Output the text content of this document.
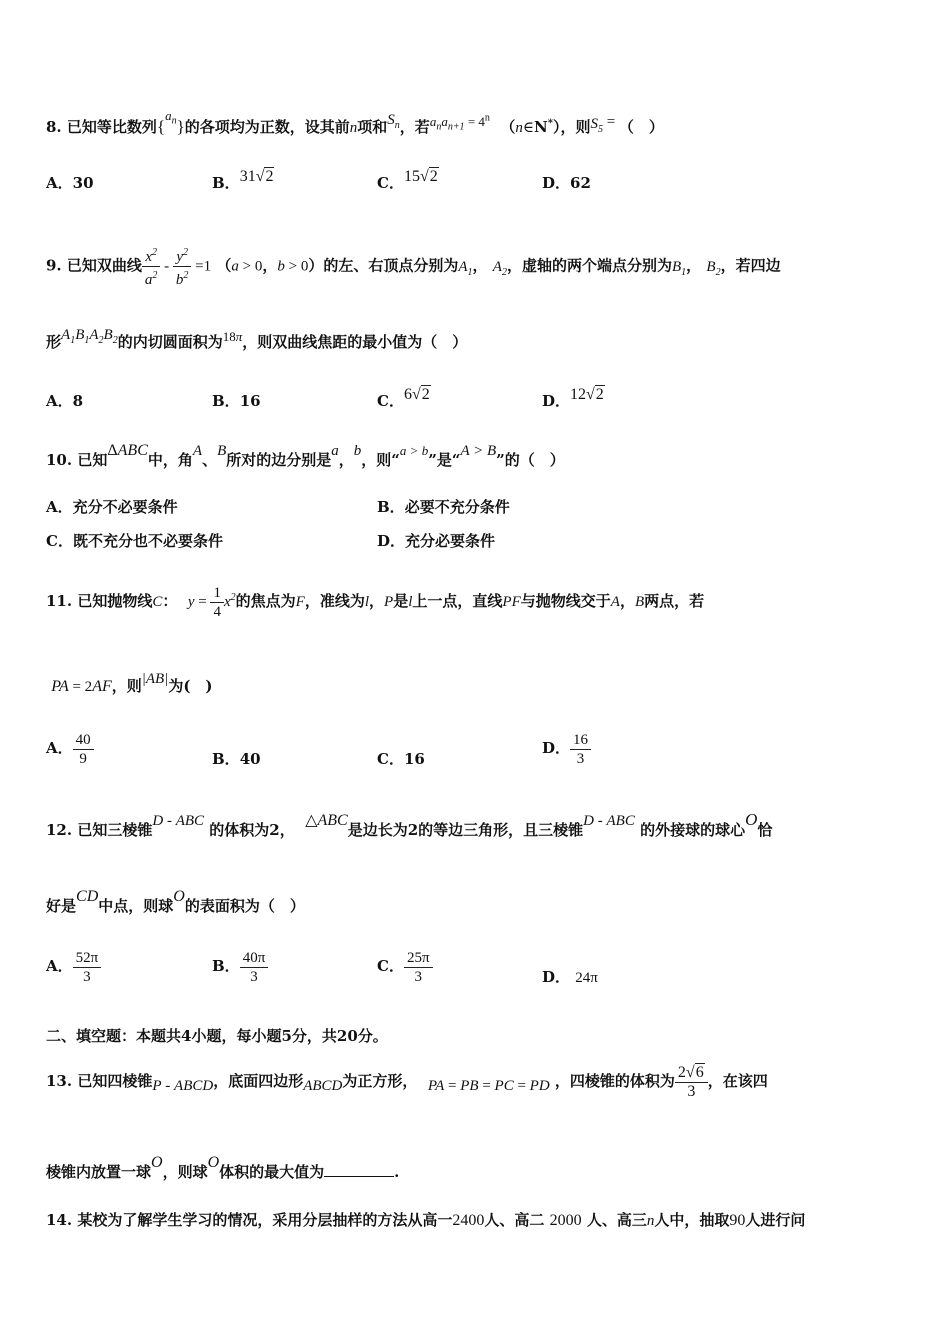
8. 已知等比数列$\{a_n\}$的各项均为正数，设其前n项和$S_n$，若$a_na_{n+1} = 4^n$ （n∈N*），则$S_5$ = （　）
A．30	B．31√2	C．15√2	D．62
9. 已知双曲线 $\frac{x^2}{a^2} - \frac{y^2}{b^2} =1$ （a > 0，b > 0）的左、右顶点分别为$A_1$， $A_2$，虚轴的两个端点分别为$B_1$， $B_2$，若四边
形$A_1B_1A_2B_2$的内切圆面积为18π，则双曲线焦距的最小值为（　）
A．8	B．16	C．6√2	D．12√2
10. 已知ΔABC中，角A、B所对的边分别是a，b，则“a > b”是“A > B”的（　）
A．充分不必要条件	B．必要不充分条件
C．既不充分也不必要条件	D．充分必要条件
11. 已知抛物线C： $y = \frac{1}{4} x^2$的焦点为F，准线为l，P是l上一点，直线PF与抛物线交于A，B两点，若
PA = 2AF，则|AB|为(　)
A． $\frac{40}{9}$	B．40	C．16
D． $\frac{16}{3}$
12. 已知三棱锥D - ABC 的体积为2，  △ABC是边长为2的等边三角形，且三棱锥D - ABC 的外接球的球心O恰
好是CD中点，则球O的表面积为（　）
A． $\frac{52\pi}{3}$	B． $\frac{40\pi}{3}$	C． $\frac{25\pi}{3}$	D． 24π
二、填空题：本题共4小题，每小题5分，共20分。
13. 已知四棱锥P - ABCD，底面四边形ABCD为正方形， PA = PB = PC = PD ，四棱锥的体积为 $\frac{2√6}{3}$ ，在该四
棱锥内放置一球O，则球O体积的最大值为	.
14. 某校为了解学生学习的情况，采用分层抽样的方法从高一2400人、高二 2000 人、高三n人中，抽取90人进行问
